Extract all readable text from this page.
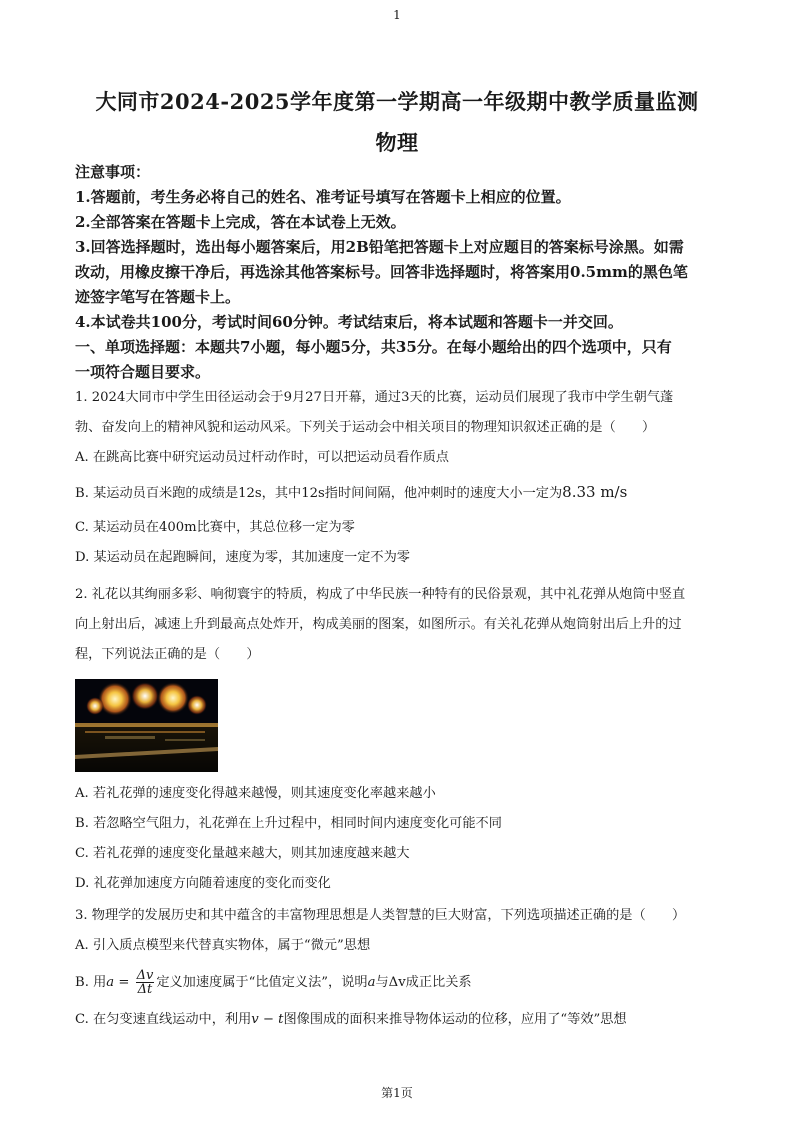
1
大同市2024-2025学年度第一学期高一年级期中教学质量监测
物理
注意事项：
1.答题前，考生务必将自己的姓名、准考证号填写在答题卡上相应的位置。
2.全部答案在答题卡上完成，答在本试卷上无效。
3.回答选择题时，选出每小题答案后，用2B铅笔把答题卡上对应题目的答案标号涂黑。如需
改动，用橡皮擦干净后，再选涂其他答案标号。回答非选择题时，将答案用0.5mm的黑色笔
迹签字笔写在答题卡上。
4.本试卷共100分，考试时间60分钟。考试结束后，将本试题和答题卡一并交回。
一、单项选择题：本题共7小题，每小题5分，共35分。在每小题给出的四个选项中，只有
一项符合题目要求。
1. 2024大同市中学生田径运动会于9月27日开幕，通过3天的比赛，运动员们展现了我市中学生朝气蓬
勃、奋发向上的精神风貌和运动风采。下列关于运动会中相关项目的物理知识叙述正确的是（　　）
A. 在跳高比赛中研究运动员过杆动作时，可以把运动员看作质点
B. 某运动员百米跑的成绩是12s，其中12s指时间间隔，他冲刺时的速度大小一定为8.33 m/s
C. 某运动员在400m比赛中，其总位移一定为零
D. 某运动员在起跑瞬间，速度为零，其加速度一定不为零
2. 礼花以其绚丽多彩、响彻寰宇的特质，构成了中华民族一种特有的民俗景观，其中礼花弹从炮筒中竖直
向上射出后，减速上升到最高点处炸开，构成美丽的图案，如图所示。有关礼花弹从炮筒射出后上升的过
程，下列说法正确的是（　　）
A. 若礼花弹的速度变化得越来越慢，则其速度变化率越来越小
B. 若忽略空气阻力，礼花弹在上升过程中，相同时间内速度变化可能不同
C. 若礼花弹的速度变化量越来越大，则其加速度越来越大
D. 礼花弹加速度方向随着速度的变化而变化
3. 物理学的发展历史和其中蕴含的丰富物理思想是人类智慧的巨大财富，下列选项描述正确的是（　　）
A. 引入质点模型来代替真实物体，属于“微元”思想
B. 用$a = \frac{\Delta v}{\Delta t}$ 定义加速度属于“比值定义法”，说明a与Δv成正比关系
C. 在匀变速直线运动中，利用v − t图像围成的面积来推导物体运动的位移，应用了“等效”思想
第1页
